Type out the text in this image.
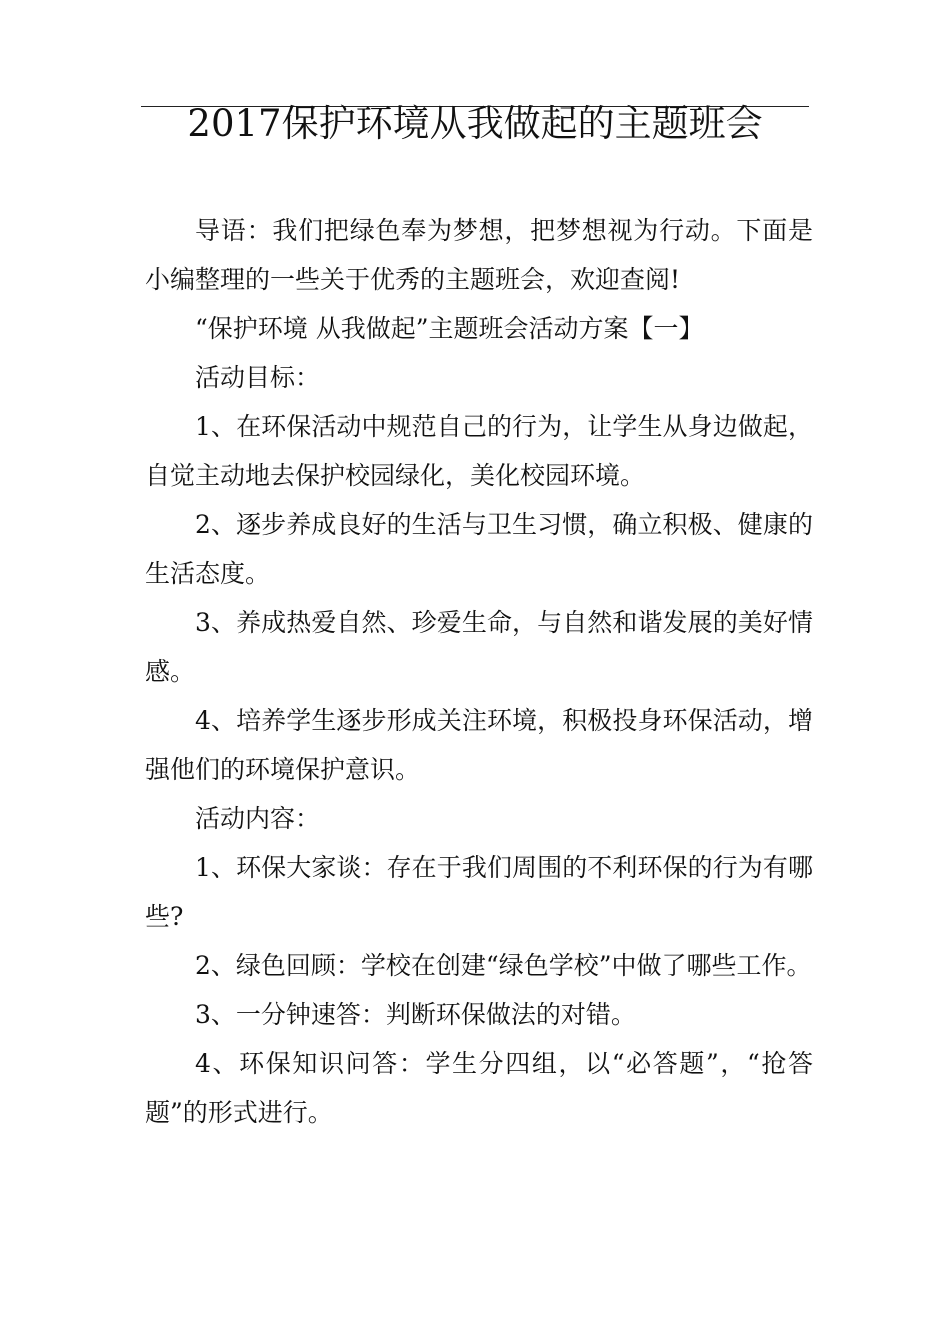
2017保护环境从我做起的主题班会

导语：我们把绿色奉为梦想，把梦想视为行动。下面是小编整理的一些关于优秀的主题班会，欢迎查阅!

“保护环境 从我做起”主题班会活动方案【一】

活动目标：

1、在环保活动中规范自己的行为，让学生从身边做起，自觉主动地去保护校园绿化，美化校园环境。

2、逐步养成良好的生活与卫生习惯，确立积极、健康的生活态度。

3、养成热爱自然、珍爱生命，与自然和谐发展的美好情感。

4、培养学生逐步形成关注环境，积极投身环保活动，增强他们的环境保护意识。

活动内容：

1、环保大家谈：存在于我们周围的不利环保的行为有哪些?

2、绿色回顾：学校在创建“绿色学校”中做了哪些工作。

3、一分钟速答：判断环保做法的对错。

4、环保知识问答：学生分四组，以“必答题”，“抢答题”的形式进行。
